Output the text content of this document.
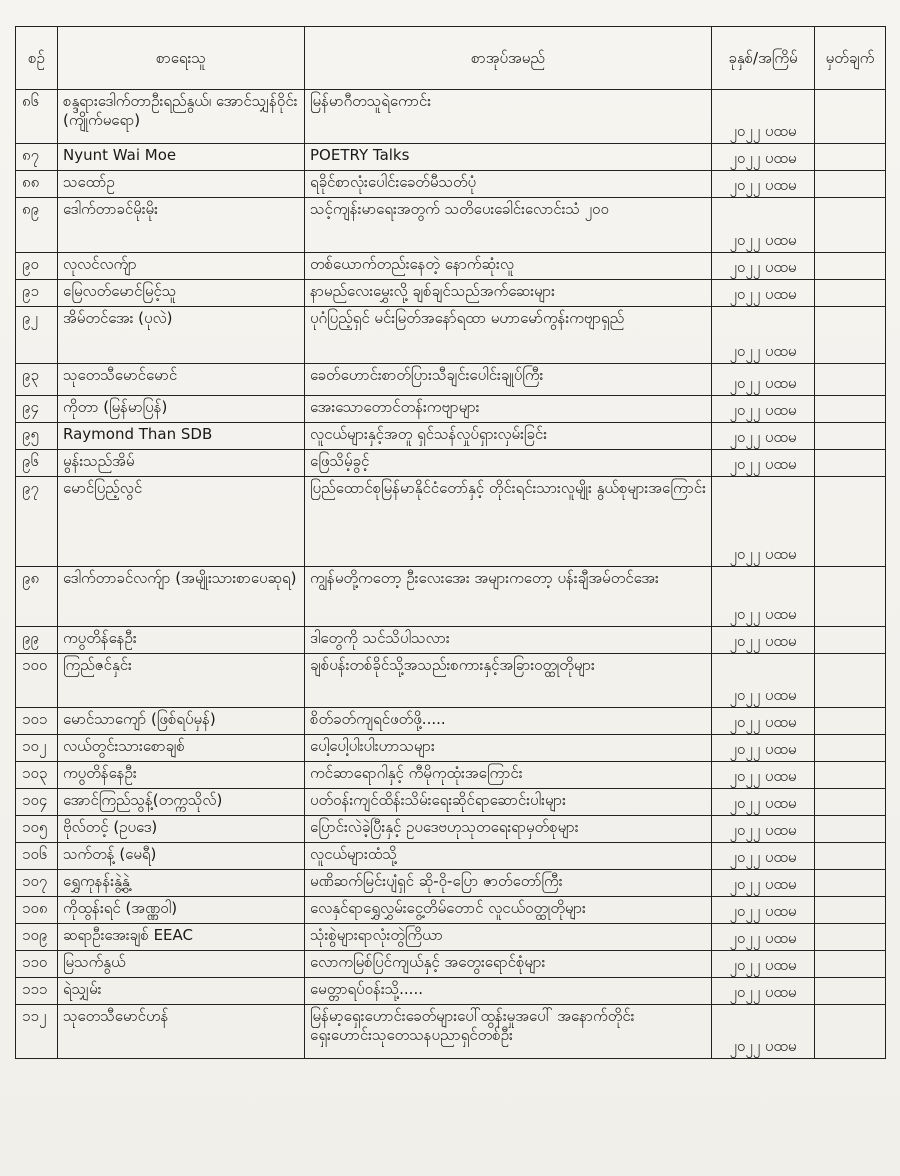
စဉ်	စာရေးသူ	စာအုပ်အမည်	ခုနှစ်/အကြိမ်	မှတ်ချက်
၈၆	စန္ဒရားဒေါက်တာဦးရည်နွယ်၊ အောင်သျှန်ဝိုင်း (ကျိုက်မရော)	မြန်မာဂီတသူရဲကောင်း	၂၀၂၂ ပထမ	
၈၇	Nyunt Wai Moe	POETRY Talks	၂၀၂၂ ပထမ	
၈၈	သထော်ဥ	ရခိုင်စာလုံးပေါင်းခေတ်မီသတ်ပုံ	၂၀၂၂ ပထမ	
၈၉	ဒေါက်တာခင်မိုးမိုး	သင့်ကျန်းမာရေးအတွက် သတိပေးခေါင်းလောင်းသံ ၂၀၀	၂၀၂၂ ပထမ	
၉၀	လုလင်လက်ျာ	တစ်ယောက်တည်းနေတဲ့ နောက်ဆုံးလူ	၂၀၂၂ ပထမ	
၉၁	မြေလတ်မောင်မြင့်သူ	နာမည်လေးမွှေးလို့ ချစ်ချင်သည်အက်ဆေးများ	၂၀၂၂ ပထမ	
၉၂	အိမ်တင်အေး (ပုလဲ)	ပုဂံပြည့်ရှင် မင်းမြတ်အနော်ရထာ မဟာမော်ကွန်းကဗျာရှည်	၂၀၂၂ ပထမ	
၉၃	သုတေသီမောင်မောင်	ခေတ်ဟောင်းစာတ်ပြားသီချင်းပေါင်းချုပ်ကြီး	၂၀၂၂ ပထမ	
၉၄	ကိုတာ (မြန်မာပြန်)	အေးသောတောင်တန်းကဗျာများ	၂၀၂၂ ပထမ	
၉၅	Raymond Than SDB	လူငယ်များနှင့်အတူ ရှင်သန်လှုပ်ရှားလှမ်းခြင်း	၂၀၂၂ ပထမ	
၉၆	မွန်းသည်အိမ်	ဖြေသိမ့်ခွင့်	၂၀၂၂ ပထမ	
၉၇	မောင်ပြည့်လွင်	ပြည်ထောင်စုမြန်မာနိုင်ငံတော်နှင့် တိုင်းရင်းသားလူမျိုး နွယ်စုများအကြောင်း	၂၀၂၂ ပထမ	
၉၈	ဒေါက်တာခင်လက်ျာ (အမျိုးသားစာပေဆုရ)	ကျွန်မတို့ကတော့ ဦးလေးအေး အများကတော့ ပန်းချီအမ်တင်အေး	၂၀၂၂ ပထမ	
၉၉	ကပွတိန်နေဦး	ဒါတွေကို သင်သိပါသလား	၂၀၂၂ ပထမ	
၁၀၀	ကြည်ဇင်နှင်း	ချစ်ပန်းတစ်ခိုင်သို့အသည်းစကားနှင့်အခြားဝတ္ထုတိုများ	၂၀၂၂ ပထမ	
၁၀၁	မောင်သာကျော် (ဖြစ်ရပ်မှန်)	စိတ်ခတ်ကျရင်ဖတ်ဖို့.....	၂၀၂၂ ပထမ	
၁၀၂	လယ်တွင်းသားစောချစ်	ပေါ့ပေါ့ပါးပါးဟာသများ	၂၀၂၂ ပထမ	
၁၀၃	ကပွတိန်နေဦး	ကင်ဆာရောဂါနှင့် ကီမိုကုထုံးအကြောင်း	၂၀၂၂ ပထမ	
၁၀၄	အောင်ကြည်သွန့်(တက္ကသိုလ်)	ပတ်ဝန်းကျင်ထိန်းသိမ်းရေးဆိုင်ရာဆောင်းပါးများ	၂၀၂၂ ပထမ	
၁၀၅	ဗိုလ်တင့် (ဥပဒေ)	ပြောင်းလဲခဲ့ပြီးနှင့် ဥပဒေဗဟုသုတရေးရာမှတ်စုများ	၂၀၂၂ ပထမ	
၁၀၆	သက်တန့် (မေရီ)	လူငယ်များထံသို့	၂၀၂၂ ပထမ	
၁၀၇	ရွှေကုနန်းနွဲ့နွဲ့	မဏိဆက်မြင်းပျံရှင် ဆို-ဝို-ပြော ဇာတ်တော်ကြီး	၂၀၂၂ ပထမ	
၁၀၈	ကိုထွန်းရင် (အဏ္ဏဝါ)	လေနှင်ရာရွှေလွှမ်းငွေ့တိမ်တောင် လူငယ်ဝတ္ထုတိုများ	၂၀၂၂ ပထမ	
၁၀၉	ဆရာဦးအေးချစ် EEAC	သုံးစွဲများရာလုံးတွဲကြိယာ	၂၀၂၂ ပထမ	
၁၁၀	မြသက်နွယ်	လောကမြစ်ပြင်ကျယ်နှင့် အတွေးရောင်စုံများ	၂၀၂၂ ပထမ	
၁၁၁	ရဲသျှမ်း	မေတ္တာရပ်ဝန်းသို့.....	၂၀၂၂ ပထမ	
၁၁၂	သုတေသီမောင်ဟန်	မြန်မာ့ရှေးဟောင်းခေတ်များပေါ်ထွန်းမှုအပေါ် အနောက်တိုင်း ရှေးဟောင်းသုတေသနပညာရှင်တစ်ဦး	၂၀၂၂ ပထမ	
